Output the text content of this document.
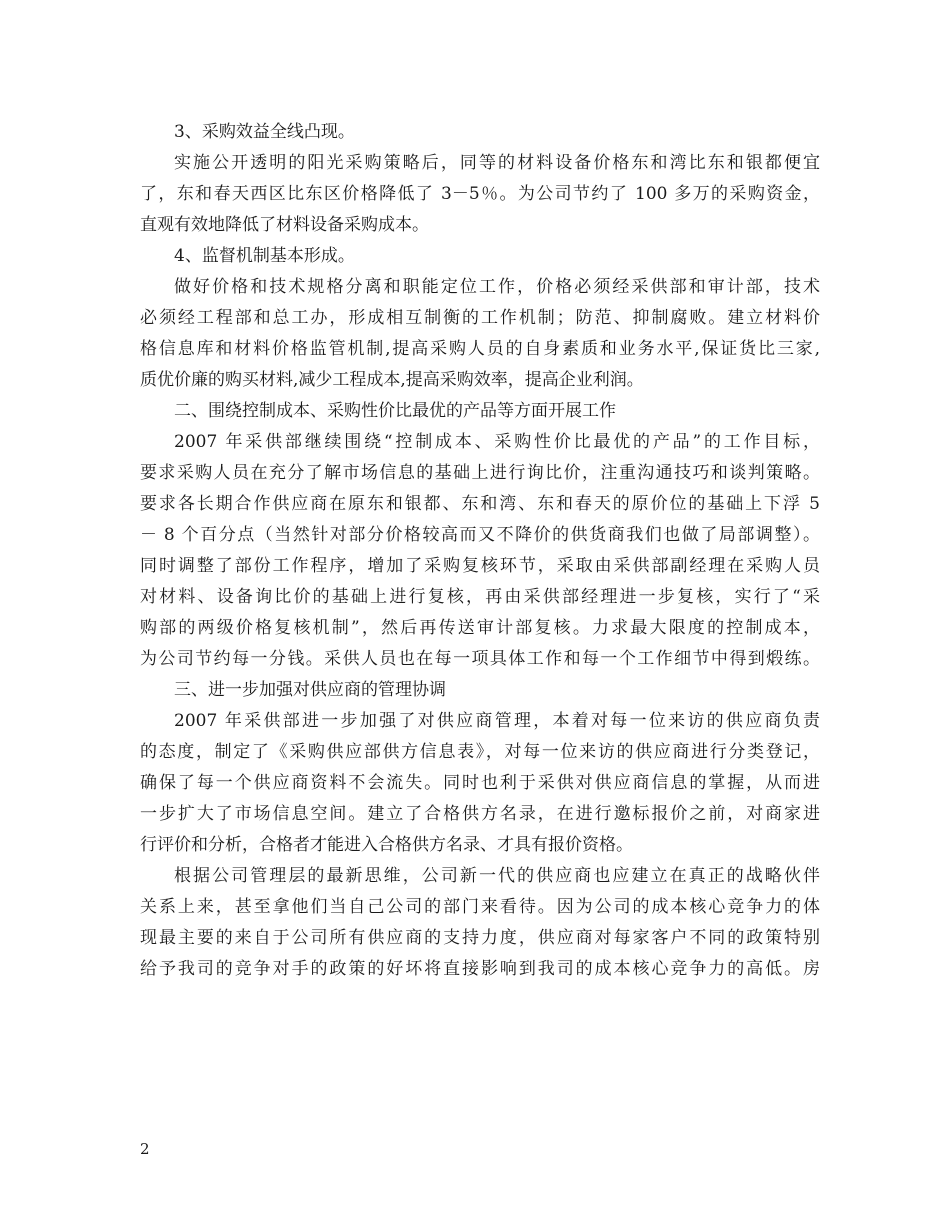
3、采购效益全线凸现。
实施公开透明的阳光采购策略后，同等的材料设备价格东和湾比东和银都便宜
了，东和春天西区比东区价格降低了 3－5％。为公司节约了 100 多万的采购资金，
直观有效地降低了材料设备采购成本。
4、监督机制基本形成。
做好价格和技术规格分离和职能定位工作，价格必须经采供部和审计部，技术
必须经工程部和总工办，形成相互制衡的工作机制；防范、抑制腐败。建立材料价
格信息库和材料价格监管机制,提高采购人员的自身素质和业务水平,保证货比三家,
质优价廉的购买材料,减少工程成本,提高采购效率，提高企业利润。
二、围绕控制成本、采购性价比最优的产品等方面开展工作
2007 年采供部继续围绕“控制成本、采购性价比最优的产品”的工作目标，
要求采购人员在充分了解市场信息的基础上进行询比价，注重沟通技巧和谈判策略。
要求各长期合作供应商在原东和银都、东和湾、东和春天的原价位的基础上下浮 5
－ 8 个百分点（当然针对部分价格较高而又不降价的供货商我们也做了局部调整）。
同时调整了部份工作程序，增加了采购复核环节，采取由采供部副经理在采购人员
对材料、设备询比价的基础上进行复核，再由采供部经理进一步复核，实行了“采
购部的两级价格复核机制”，然后再传送审计部复核。力求最大限度的控制成本，
为公司节约每一分钱。采供人员也在每一项具体工作和每一个工作细节中得到煅练。
三、进一步加强对供应商的管理协调
2007 年采供部进一步加强了对供应商管理，本着对每一位来访的供应商负责
的态度，制定了《采购供应部供方信息表》，对每一位来访的供应商进行分类登记，
确保了每一个供应商资料不会流失。同时也利于采供对供应商信息的掌握，从而进
一步扩大了市场信息空间。建立了合格供方名录，在进行邀标报价之前，对商家进
行评价和分析，合格者才能进入合格供方名录、才具有报价资格。
根据公司管理层的最新思维，公司新一代的供应商也应建立在真正的战略伙伴
关系上来，甚至拿他们当自己公司的部门来看待。因为公司的成本核心竞争力的体
现最主要的来自于公司所有供应商的支持力度，供应商对每家客户不同的政策特别
给予我司的竞争对手的政策的好坏将直接影响到我司的成本核心竞争力的高低。房
2
